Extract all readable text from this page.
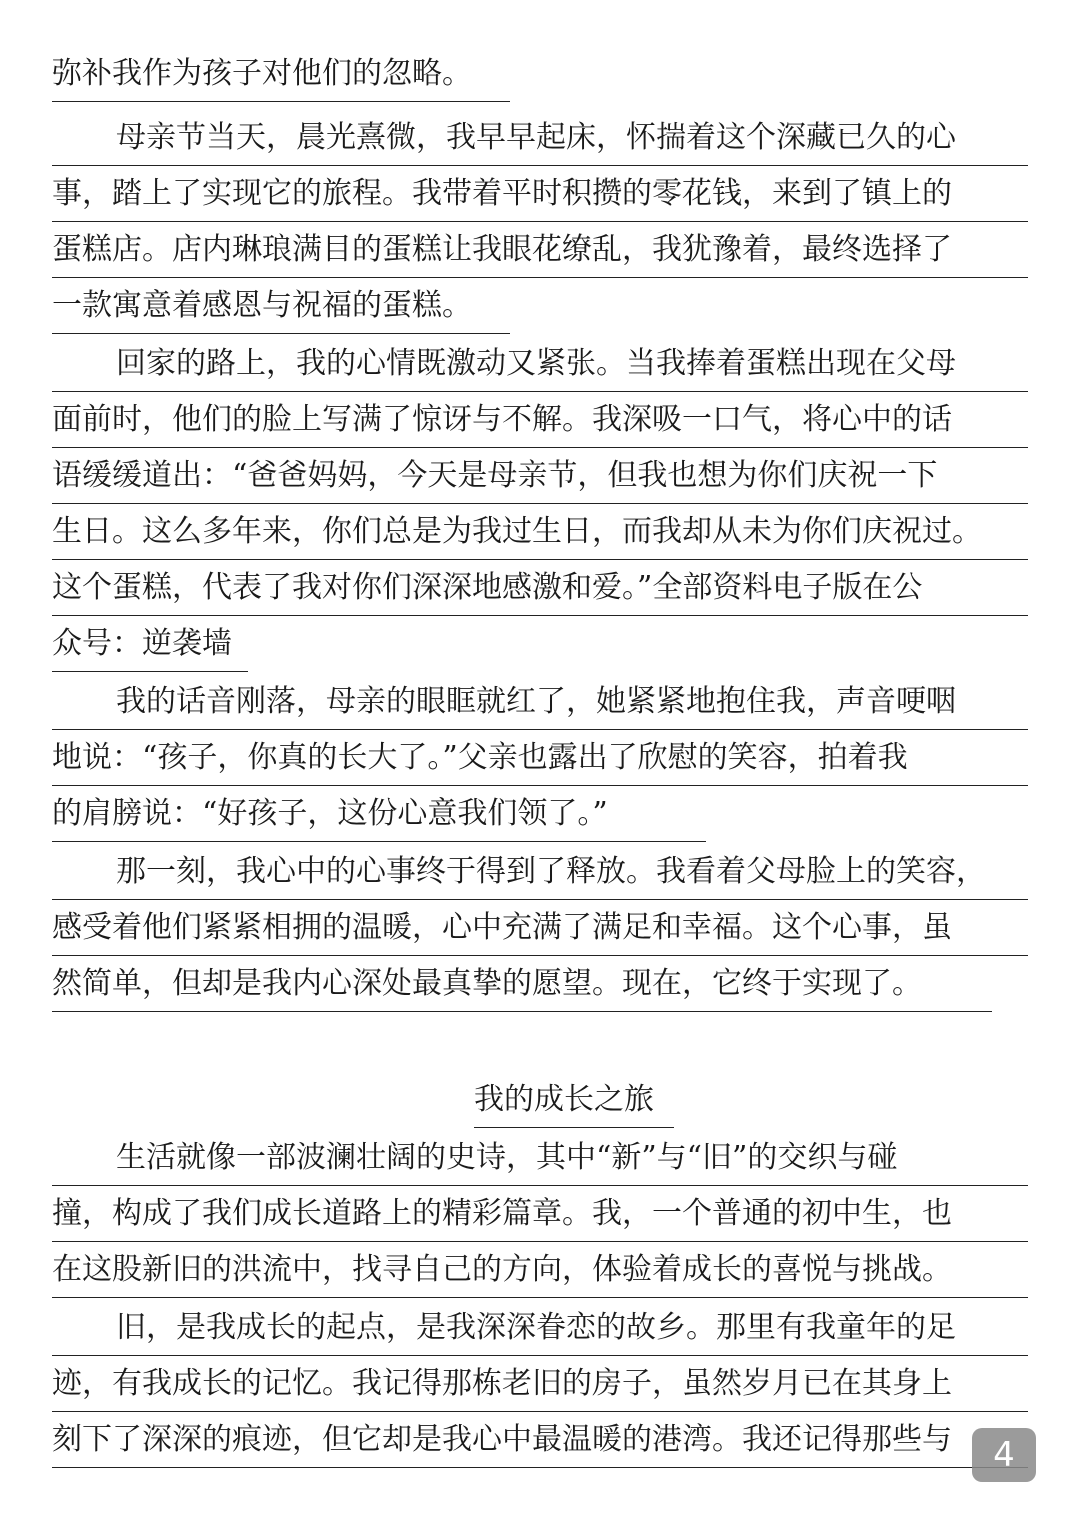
弥补我作为孩子对他们的忽略。
母亲节当天，晨光熹微，我早早起床，怀揣着这个深藏已久的心
事，踏上了实现它的旅程。我带着平时积攒的零花钱，来到了镇上的
蛋糕店。店内琳琅满目的蛋糕让我眼花缭乱，我犹豫着，最终选择了
一款寓意着感恩与祝福的蛋糕。
回家的路上，我的心情既激动又紧张。当我捧着蛋糕出现在父母
面前时，他们的脸上写满了惊讶与不解。我深吸一口气，将心中的话
语缓缓道出：“爸爸妈妈，今天是母亲节，但我也想为你们庆祝一下
生日。这么多年来，你们总是为我过生日，而我却从未为你们庆祝过。
这个蛋糕，代表了我对你们深深地感激和爱。”全部资料电子版在公
众号：逆袭墙
我的话音刚落，母亲的眼眶就红了，她紧紧地抱住我，声音哽咽
地说：“孩子，你真的长大了。”父亲也露出了欣慰的笑容，拍着我
的肩膀说：“好孩子，这份心意我们领了。”
那一刻，我心中的心事终于得到了释放。我看着父母脸上的笑容，
感受着他们紧紧相拥的温暖，心中充满了满足和幸福。这个心事，虽
然简单，但却是我内心深处最真挚的愿望。现在，它终于实现了。
我的成长之旅
生活就像一部波澜壮阔的史诗，其中“新”与“旧”的交织与碰
撞，构成了我们成长道路上的精彩篇章。我，一个普通的初中生，也
在这股新旧的洪流中，找寻自己的方向，体验着成长的喜悦与挑战。
旧，是我成长的起点，是我深深眷恋的故乡。那里有我童年的足
迹，有我成长的记忆。我记得那栋老旧的房子，虽然岁月已在其身上
刻下了深深的痕迹，但它却是我心中最温暖的港湾。我还记得那些与	4
